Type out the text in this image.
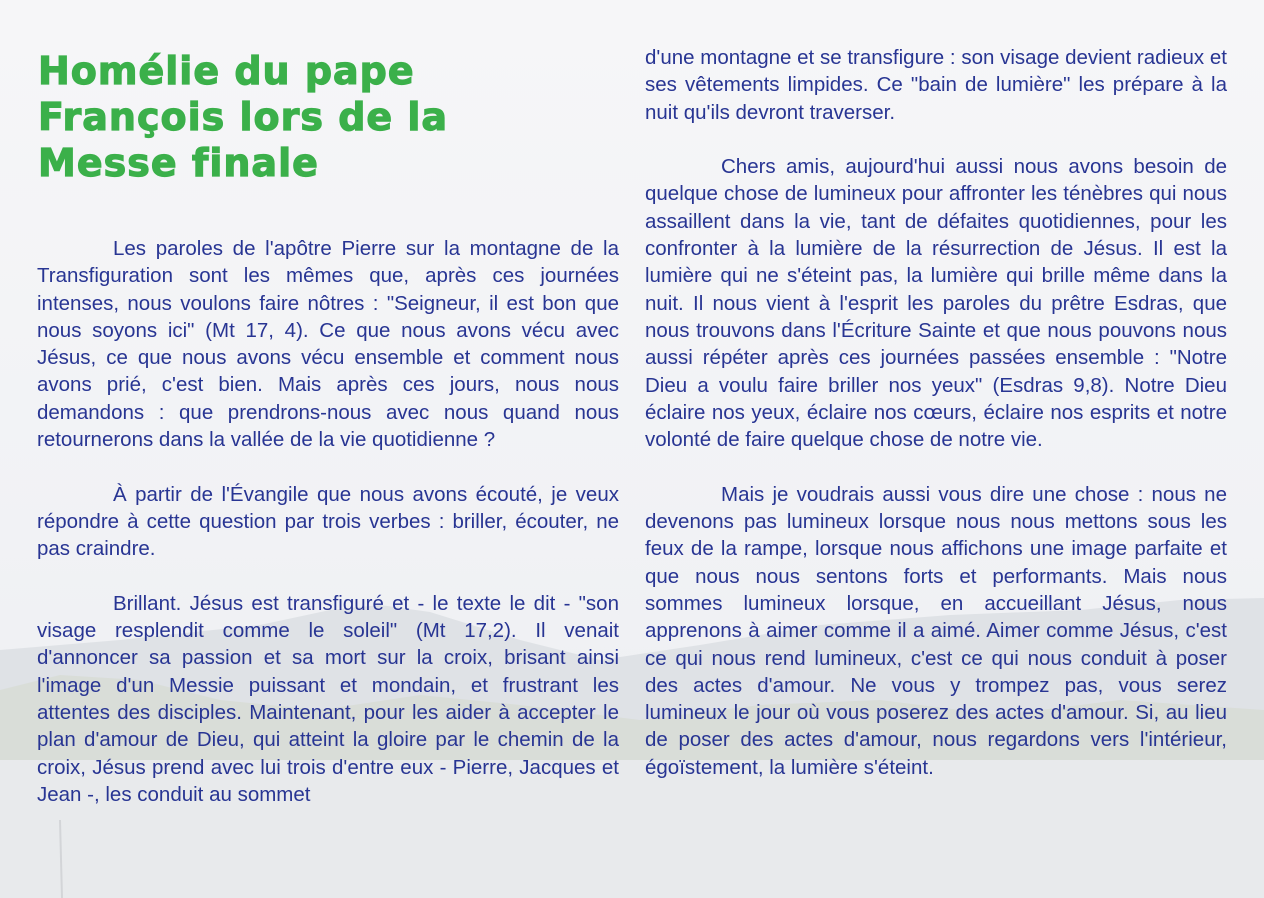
Homélie du pape
François lors de la
Messe finale

Les paroles de l'apôtre Pierre sur la montagne de la Transfiguration sont les mêmes que, après ces journées intenses, nous voulons faire nôtres : "Seigneur, il est bon que nous soyons ici" (Mt 17, 4). Ce que nous avons vécu avec Jésus, ce que nous avons vécu ensemble et comment nous avons prié, c'est bien. Mais après ces jours, nous nous demandons : que prendrons-nous avec nous quand nous retournerons dans la vallée de la vie quotidienne ?

À partir de l'Évangile que nous avons écouté, je veux répondre à cette question par trois verbes : briller, écouter, ne pas craindre.

Brillant. Jésus est transfiguré et - le texte le dit - "son visage resplendit comme le soleil" (Mt 17,2). Il venait d'annoncer sa passion et sa mort sur la croix, brisant ainsi l'image d'un Messie puissant et mondain, et frustrant les attentes des disciples. Maintenant, pour les aider à accepter le plan d'amour de Dieu, qui atteint la gloire par le chemin de la croix, Jésus prend avec lui trois d'entre eux - Pierre, Jacques et Jean -, les conduit au sommet

d'une montagne et se transfigure : son visage devient radieux et ses vêtements limpides. Ce "bain de lumière" les prépare à la nuit qu'ils devront traverser.

Chers amis, aujourd'hui aussi nous avons besoin de quelque chose de lumineux pour affronter les ténèbres qui nous assaillent dans la vie, tant de défaites quotidiennes, pour les confronter à la lumière de la résurrection de Jésus. Il est la lumière qui ne s'éteint pas, la lumière qui brille même dans la nuit. Il nous vient à l'esprit les paroles du prêtre Esdras, que nous trouvons dans l'Écriture Sainte et que nous pouvons nous aussi répéter après ces journées passées ensemble : "Notre Dieu a voulu faire briller nos yeux" (Esdras 9,8). Notre Dieu éclaire nos yeux, éclaire nos cœurs, éclaire nos esprits et notre volonté de faire quelque chose de notre vie.

Mais je voudrais aussi vous dire une chose : nous ne devenons pas lumineux lorsque nous nous mettons sous les feux de la rampe, lorsque nous affichons une image parfaite et que nous nous sentons forts et performants. Mais nous sommes lumineux lorsque, en accueillant Jésus, nous apprenons à aimer comme il a aimé. Aimer comme Jésus, c'est ce qui nous rend lumineux, c'est ce qui nous conduit à poser des actes d'amour. Ne vous y trompez pas, vous serez lumineux le jour où vous poserez des actes d'amour. Si, au lieu de poser des actes d'amour, nous regardons vers l'intérieur, égoïstement, la lumière s'éteint.
